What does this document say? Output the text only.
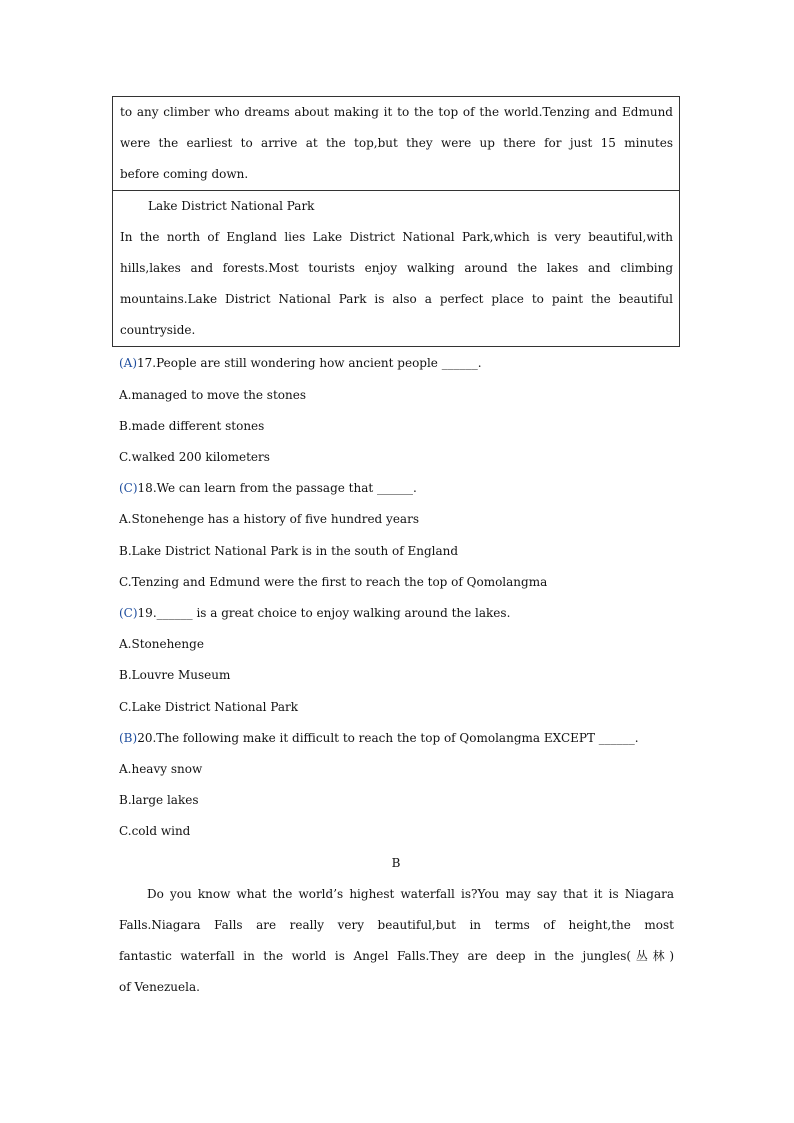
to any climber who dreams about making it to the top of the world.Tenzing and Edmund
were the earliest to arrive at the top,but they were up there for just 15 minutes
before coming down.
Lake District National Park
In the north of England lies Lake District National Park,which is very beautiful,with
hills,lakes and forests.Most tourists enjoy walking around the lakes and climbing
mountains.Lake District National Park is also a perfect place to paint the beautiful
countryside.
(A)17.People are still wondering how ancient people ______.
A.managed to move the stones
B.made different stones
C.walked 200 kilometers
(C)18.We can learn from the passage that ______.
A.Stonehenge has a history of five hundred years
B.Lake District National Park is in the south of England
C.Tenzing and Edmund were the first to reach the top of Qomolangma
(C)19.______ is a great choice to enjoy walking around the lakes.
A.Stonehenge
B.Louvre Museum
C.Lake District National Park
(B)20.The following make it difficult to reach the top of Qomolangma EXCEPT ______.
A.heavy snow
B.large lakes
C.cold wind
B
Do you know what the world’s highest waterfall is?You may say that it is Niagara
Falls.Niagara Falls are really very beautiful,but in terms of height,the most
fantastic waterfall in the world is Angel Falls.They are deep in the jungles(丛林)
of Venezuela.
